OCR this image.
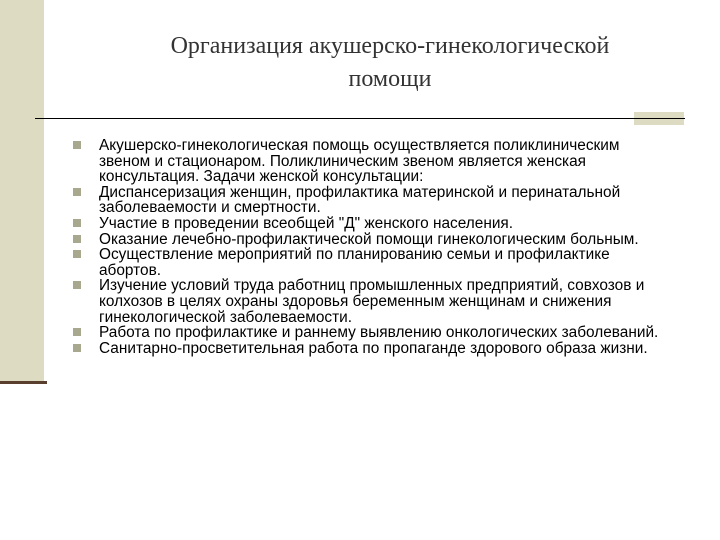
Организация акушерско-гинекологической
помощи
Акушерско-гинекологическая помощь осуществляется поликлиническим звеном и стационаром. Поликлиническим звеном является женская консультация. Задачи женской консультации:
Диспансеризация женщин, профилактика материнской и перинатальной заболеваемости и смертности.
Участие в проведении всеобщей "Д" женского населения.
Оказание лечебно-профилактической помощи гинекологическим больным.
Осуществление мероприятий по планированию семьи и профилактике абортов.
Изучение условий труда работниц промышленных предприятий, совхозов и колхозов в целях охраны здоровья беременным женщинам и снижения гинекологической заболеваемости.
Работа по профилактике и раннему выявлению онкологических заболеваний.
Санитарно-просветительная работа по пропаганде здорового образа жизни.
